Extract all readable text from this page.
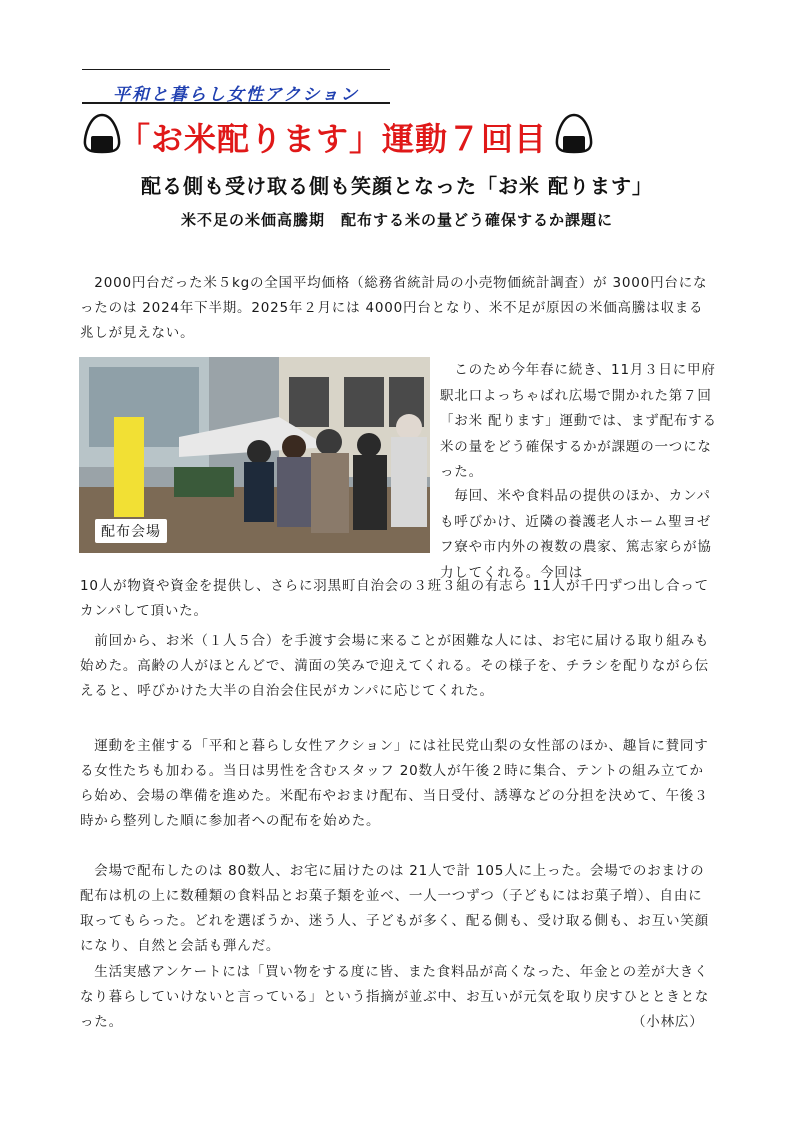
平和と暮らし女性アクション
「お米配ります」運動７回目
配る側も受け取る側も笑顔となった「お米 配ります」
米不足の米価高騰期　配布する米の量どう確保するか課題に

　2000円台だった米５kgの全国平均価格（総務省統計局の小売物価統計調査）が 3000円台になったのは 2024年下半期。2025年２月には 4000円台となり、米不足が原因の米価高騰は収まる兆しが見えない。

配布会場

　このため今年春に続き、11月３日に甲府駅北口よっちゃばれ広場で開かれた第７回「お米 配ります」運動では、まず配布する米の量をどう確保するかが課題の一つになった。

　毎回、米や食料品の提供のほか、カンパも呼びかけ、近隣の養護老人ホーム聖ヨゼフ寮や市内外の複数の農家、篤志家らが協力してくれる。今回は

10人が物資や資金を提供し、さらに羽黒町自治会の３班３組の有志ら 11人が千円ずつ出し合ってカンパして頂いた。

　前回から、お米（１人５合）を手渡す会場に来ることが困難な人には、お宅に届ける取り組みも始めた。高齢の人がほとんどで、満面の笑みで迎えてくれる。その様子を、チラシを配りながら伝えると、呼びかけた大半の自治会住民がカンパに応じてくれた。

　運動を主催する「平和と暮らし女性アクション」には社民党山梨の女性部のほか、趣旨に賛同する女性たちも加わる。当日は男性を含むスタッフ 20数人が午後２時に集合、テントの組み立てから始め、会場の準備を進めた。米配布やおまけ配布、当日受付、誘導などの分担を決めて、午後３時から整列した順に参加者への配布を始めた。

　会場で配布したのは 80数人、お宅に届けたのは 21人で計 105人に上った。会場でのおまけの配布は机の上に数種類の食料品とお菓子類を並べ、一人一つずつ（子どもにはお菓子増）、自由に取ってもらった。どれを選ぼうか、迷う人、子どもが多く、配る側も、受け取る側も、お互い笑顔になり、自然と会話も弾んだ。

　生活実感アンケートには「買い物をする度に皆、また食料品が高くなった、年金との差が大きくなり暮らしていけないと言っている」という指摘が並ぶ中、お互いが元気を取り戻すひとときとなった。	（小林広）
